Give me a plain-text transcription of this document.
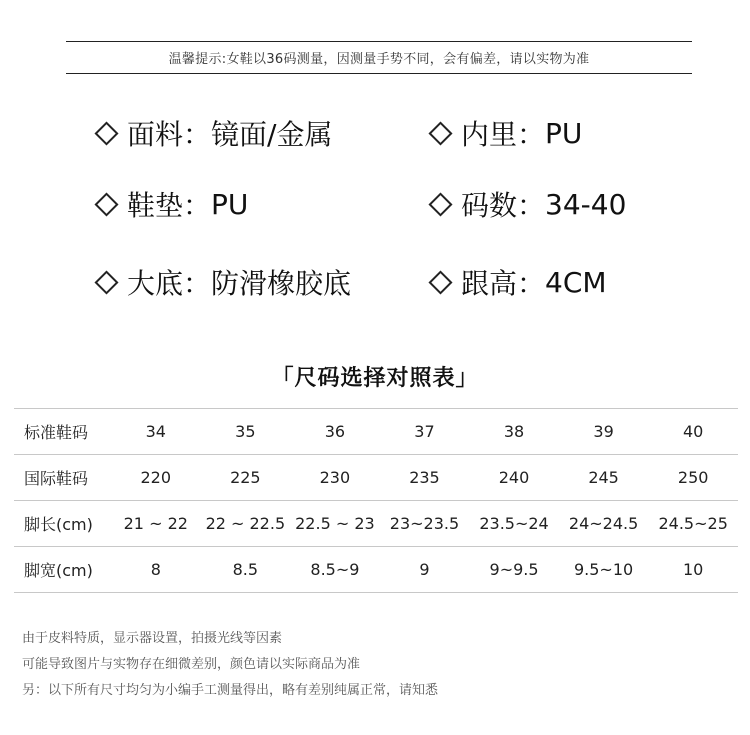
温馨提示:女鞋以36码测量，因测量手势不同，会有偏差，请以实物为准
面料 ： 镜面/金属	内里 ： PU
鞋垫 ： PU	码数 ： 34-40
大底 ： 防滑橡胶底	跟高 ： 4CM
「尺码选择对照表」
标准鞋码	34	35	36	37	38	39	40
国际鞋码	220	225	230	235	240	245	250
脚长(cm)	21 ~ 22	22 ~ 22.5	22.5 ~ 23	23~23.5	23.5~24	24~24.5	24.5~25
脚宽(cm)	8	8.5	8.5~9	9	9~9.5	9.5~10	10
由于皮料特质，显示器设置，拍摄光线等因素
可能导致图片与实物存在细微差别，颜色请以实际商品为准
另：以下所有尺寸均匀为小编手工测量得出，略有差别纯属正常，请知悉
